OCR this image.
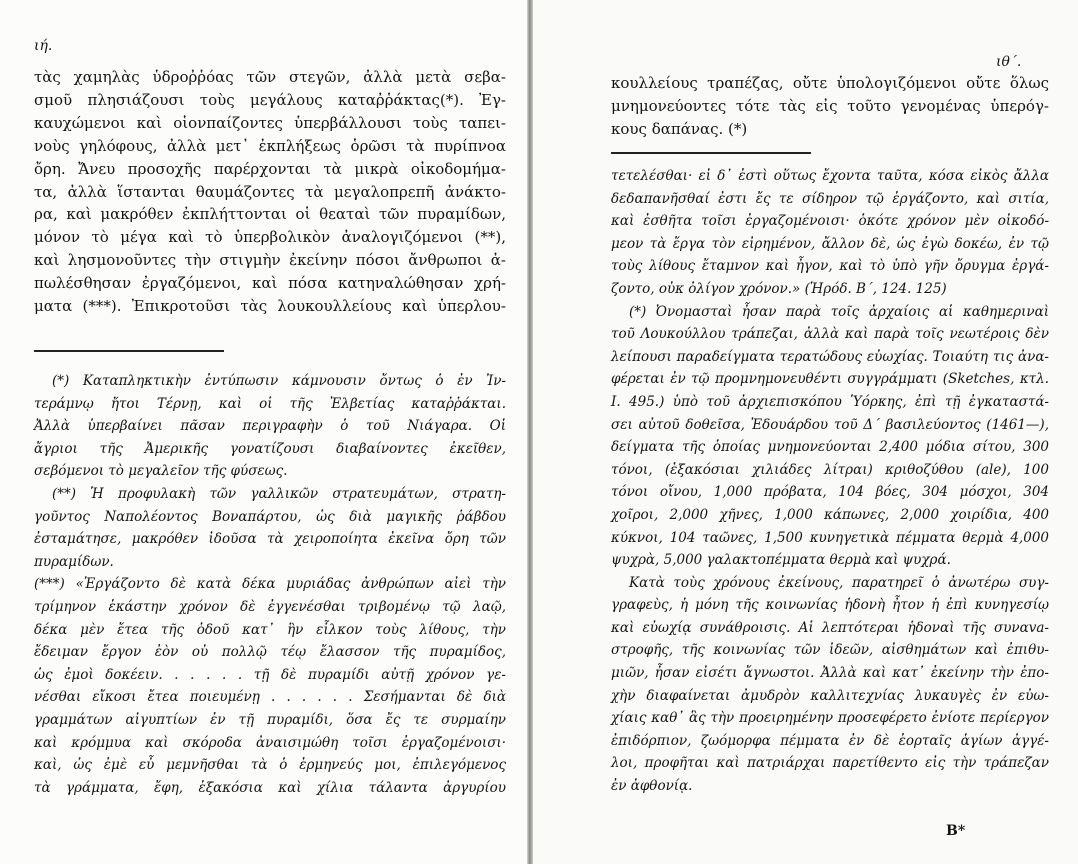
ιή.
τὰς χαμηλὰς ὑδροῤῥόας τῶν στεγῶν, ἀλλὰ μετὰ σεβα-
σμοῦ πλησιάζουσι τοὺς μεγάλους καταῤῥάκτας(*). Ἐγ-
καυχώμενοι καὶ οἱονπαίζοντες ὑπερβάλλουσι τοὺς ταπει-
νοὺς γηλόφους, ἀλλὰ μετ᾽ ἐκπλήξεως ὁρῶσι τὰ πυρίπνοα
ὄρη. Ἄνευ προσοχῆς παρέρχονται τὰ μικρὰ οἰκοδομήμα-
τα, ἀλλὰ ἵστανται θαυμάζοντες τὰ μεγαλοπρεπῆ ἀνάκτο-
ρα, καὶ μακρόθεν ἐκπλήττονται οἱ θεαταὶ τῶν πυραμίδων,
μόνον τὸ μέγα καὶ τὸ ὑπερβολικὸν ἀναλογιζόμενοι (**),
καὶ λησμονοῦντες τὴν στιγμὴν ἐκείνην πόσοι ἄνθρωποι ἀ-
πωλέσθησαν ἐργαζόμενοι, καὶ πόσα κατηναλώθησαν χρή-
ματα (***). Ἐπικροτοῦσι τὰς λουκουλλείους καὶ ὑπερλου-
(*) Καταπληκτικὴν ἐντύπωσιν κάμνουσιν ὄντως ὁ ἐν Ἰν-
τεράμνῳ ἤτοι Τέρνῃ, καὶ οἱ τῆς Ἐλβετίας καταῤῥάκται.
Ἀλλὰ ὑπερβαίνει πᾶσαν περιγραφὴν ὁ τοῦ Νιάγαρα. Οἱ
ἄγριοι τῆς Ἀμερικῆς γονατίζουσι διαβαίνοντες ἐκεῖθεν,
σεβόμενοι τὸ μεγαλεῖον τῆς φύσεως.
(**) Ἡ προφυλακὴ τῶν γαλλικῶν στρατευμάτων, στρατη-
γοῦντος Ναπολέοντος Βοναπάρτου, ὡς διὰ μαγικῆς ῥάβδου
ἐσταμάτησε, μακρόθεν ἰδοῦσα τὰ χειροποίητα ἐκεῖνα ὄρη τῶν
πυραμίδων.
(***) «Ἐργάζοντο δὲ κατὰ δέκα μυριάδας ἀνθρώπων αἰεὶ τὴν
τρίμηνον ἑκάστην χρόνον δὲ ἐγγενέσθαι τριβομένῳ τῷ λαῷ,
δέκα μὲν ἔτεα τῆς ὁδοῦ κατ᾽ ἣν εἷλκον τοὺς λίθους, τὴν
ἔδειμαν ἔργον ἐὸν οὐ πολλῷ τέῳ ἔλασσον τῆς πυραμίδος,
ὡς ἐμοὶ δοκέειν. . . . . . τῇ δὲ πυραμίδι αὐτῇ χρόνον γε-
νέσθαι εἴκοσι ἔτεα ποιευμένῃ . . . . . . Σεσήμανται δὲ διὰ
γραμμάτων αἰγυπτίων ἐν τῇ πυραμίδι, ὅσα ἔς τε συρμαίην
καὶ κρόμμυα καὶ σκόροδα ἀναισιμώθη τοῖσι ἐργαζομένοισι·
καὶ, ὡς ἐμὲ εὖ μεμνῆσθαι τὰ ὁ ἑρμηνεύς μοι, ἐπιλεγόμενος
τὰ γράμματα, ἔφη, ἑξακόσια καὶ χίλια τάλαντα ἀργυρίου
ιθ΄.
κουλλείους τραπέζας, οὔτε ὑπολογιζόμενοι οὔτε ὅλως
μνημονεύοντες τότε τὰς εἰς τοῦτο γενομένας ὑπερόγ-
κους δαπάνας. (*)
τετελέσθαι· εἰ δ᾽ ἐστὶ οὕτως ἔχοντα ταῦτα, κόσα εἰκὸς ἄλλα
δεδαπανῆσθαί ἐστι ἔς τε σίδηρον τῷ ἐργάζοντο, καὶ σιτία,
καὶ ἐσθῆτα τοῖσι ἐργαζομένοισι· ὁκότε χρόνον μὲν οἰκοδό-
μεον τὰ ἔργα τὸν εἰρημένον, ἄλλον δὲ, ὡς ἐγὼ δοκέω, ἐν τῷ
τοὺς λίθους ἔταμνον καὶ ἦγον, καὶ τὸ ὑπὸ γῆν ὄρυγμα ἐργά-
ζοντο, οὐκ ὀλίγον χρόνον.» (Ἡρόδ. Β΄, 124. 125)
(*) Ὀνομασταὶ ἦσαν παρὰ τοῖς ἀρχαίοις αἱ καθημεριναὶ
τοῦ Λουκούλλου τράπεζαι, ἀλλὰ καὶ παρὰ τοῖς νεωτέροις δὲν
λείπουσι παραδείγματα τερατώδους εὐωχίας. Τοιαύτη τις ἀνα-
φέρεται ἐν τῷ προμνημονευθέντι συγγράμματι (Sketches, κτλ.
Ι. 495.) ὑπὸ τοῦ ἀρχιεπισκόπου Ὑόρκης, ἐπὶ τῇ ἐγκαταστά-
σει αὐτοῦ δοθεῖσα, Ἐδουάρδου τοῦ Δ΄ βασιλεύοντος (1461—),
δείγματα τῆς ὁποίας μνημονεύονται 2,400 μόδια σίτου, 300
τόνοι, (ἑξακόσιαι χιλιάδες λίτραι) κριθοζύθου (ale), 100
τόνοι οἴνου, 1,000 πρόβατα, 104 βόες, 304 μόσχοι, 304
χοῖροι, 2,000 χῆνες, 1,000 κάπωνες, 2,000 χοιρίδια, 400
κύκνοι, 104 ταῶνες, 1,500 κυνηγετικὰ πέμματα θερμὰ 4,000
ψυχρὰ, 5,000 γαλακτοπέμματα θερμὰ καὶ ψυχρά.
Κατὰ τοὺς χρόνους ἐκείνους, παρατηρεῖ ὁ ἀνωτέρω συγ-
γραφεὺς, ἡ μόνη τῆς κοινωνίας ἡδονὴ ἦτον ἡ ἐπὶ κυνηγεσίῳ
καὶ εὐωχίᾳ συνάθροισις. Αἱ λεπτότεραι ἡδοναὶ τῆς συναva-
στροφῆς, τῆς κοινωνίας τῶν ἰδεῶν, αἰσθημάτων καὶ ἐπιθυ-
μιῶν, ἦσαν εἰσέτι ἄγνωστοι. Ἀλλὰ καὶ κατ᾽ ἐκείνην τὴν ἐπο-
χὴν διαφαίνεται ἀμυδρὸν καλλιτεχνίας λυκαυγὲς ἐν εὐω-
χίαις καθ᾽ ἃς τὴν προειρημένην προσεφέρετο ἐνίοτε περίεργον
ἐπιδόρπιον, ζωόμορφα πέμματα ἐν δὲ ἑορταῖς ἁγίων ἀγγέ-
λοι, προφῆται καὶ πατριάρχαι παρετίθεντο εἰς τὴν τράπεζαν
ἐν ἀφθονίᾳ.
Β*
